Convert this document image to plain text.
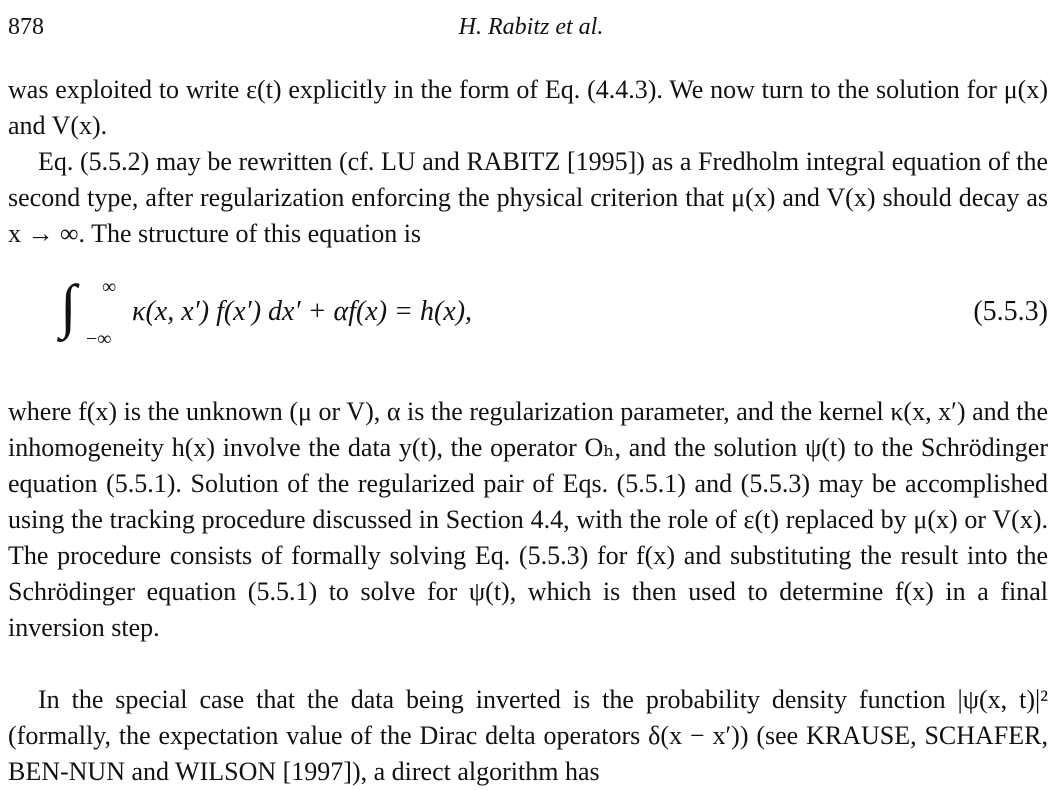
878	H. Rabitz et al.

was exploited to write ε(t) explicitly in the form of Eq. (4.4.3). We now turn to the solution for μ(x) and V(x).

Eq. (5.5.2) may be rewritten (cf. LU and RABITZ [1995]) as a Fredholm integral equation of the second type, after regularization enforcing the physical criterion that μ(x) and V(x) should decay as x → ∞. The structure of this equation is

∫ ∞
−∞
κ(x, x′) f(x′) dx′ + αf(x) = h(x),	(5.5.3)

where f(x) is the unknown (μ or V), α is the regularization parameter, and the kernel κ(x, x′) and the inhomogeneity h(x) involve the data y(t), the operator Oₕ, and the solution ψ(t) to the Schrödinger equation (5.5.1). Solution of the regularized pair of Eqs. (5.5.1) and (5.5.3) may be accomplished using the tracking procedure discussed in Section 4.4, with the role of ε(t) replaced by μ(x) or V(x). The procedure consists of formally solving Eq. (5.5.3) for f(x) and substituting the result into the Schrödinger equation (5.5.1) to solve for ψ(t), which is then used to determine f(x) in a final inversion step.

In the special case that the data being inverted is the probability density function |ψ(x, t)|² (formally, the expectation value of the Dirac delta operators δ(x − x′)) (see KRAUSE, SCHAFER, BEN-NUN and WILSON [1997]), a direct algorithm has
